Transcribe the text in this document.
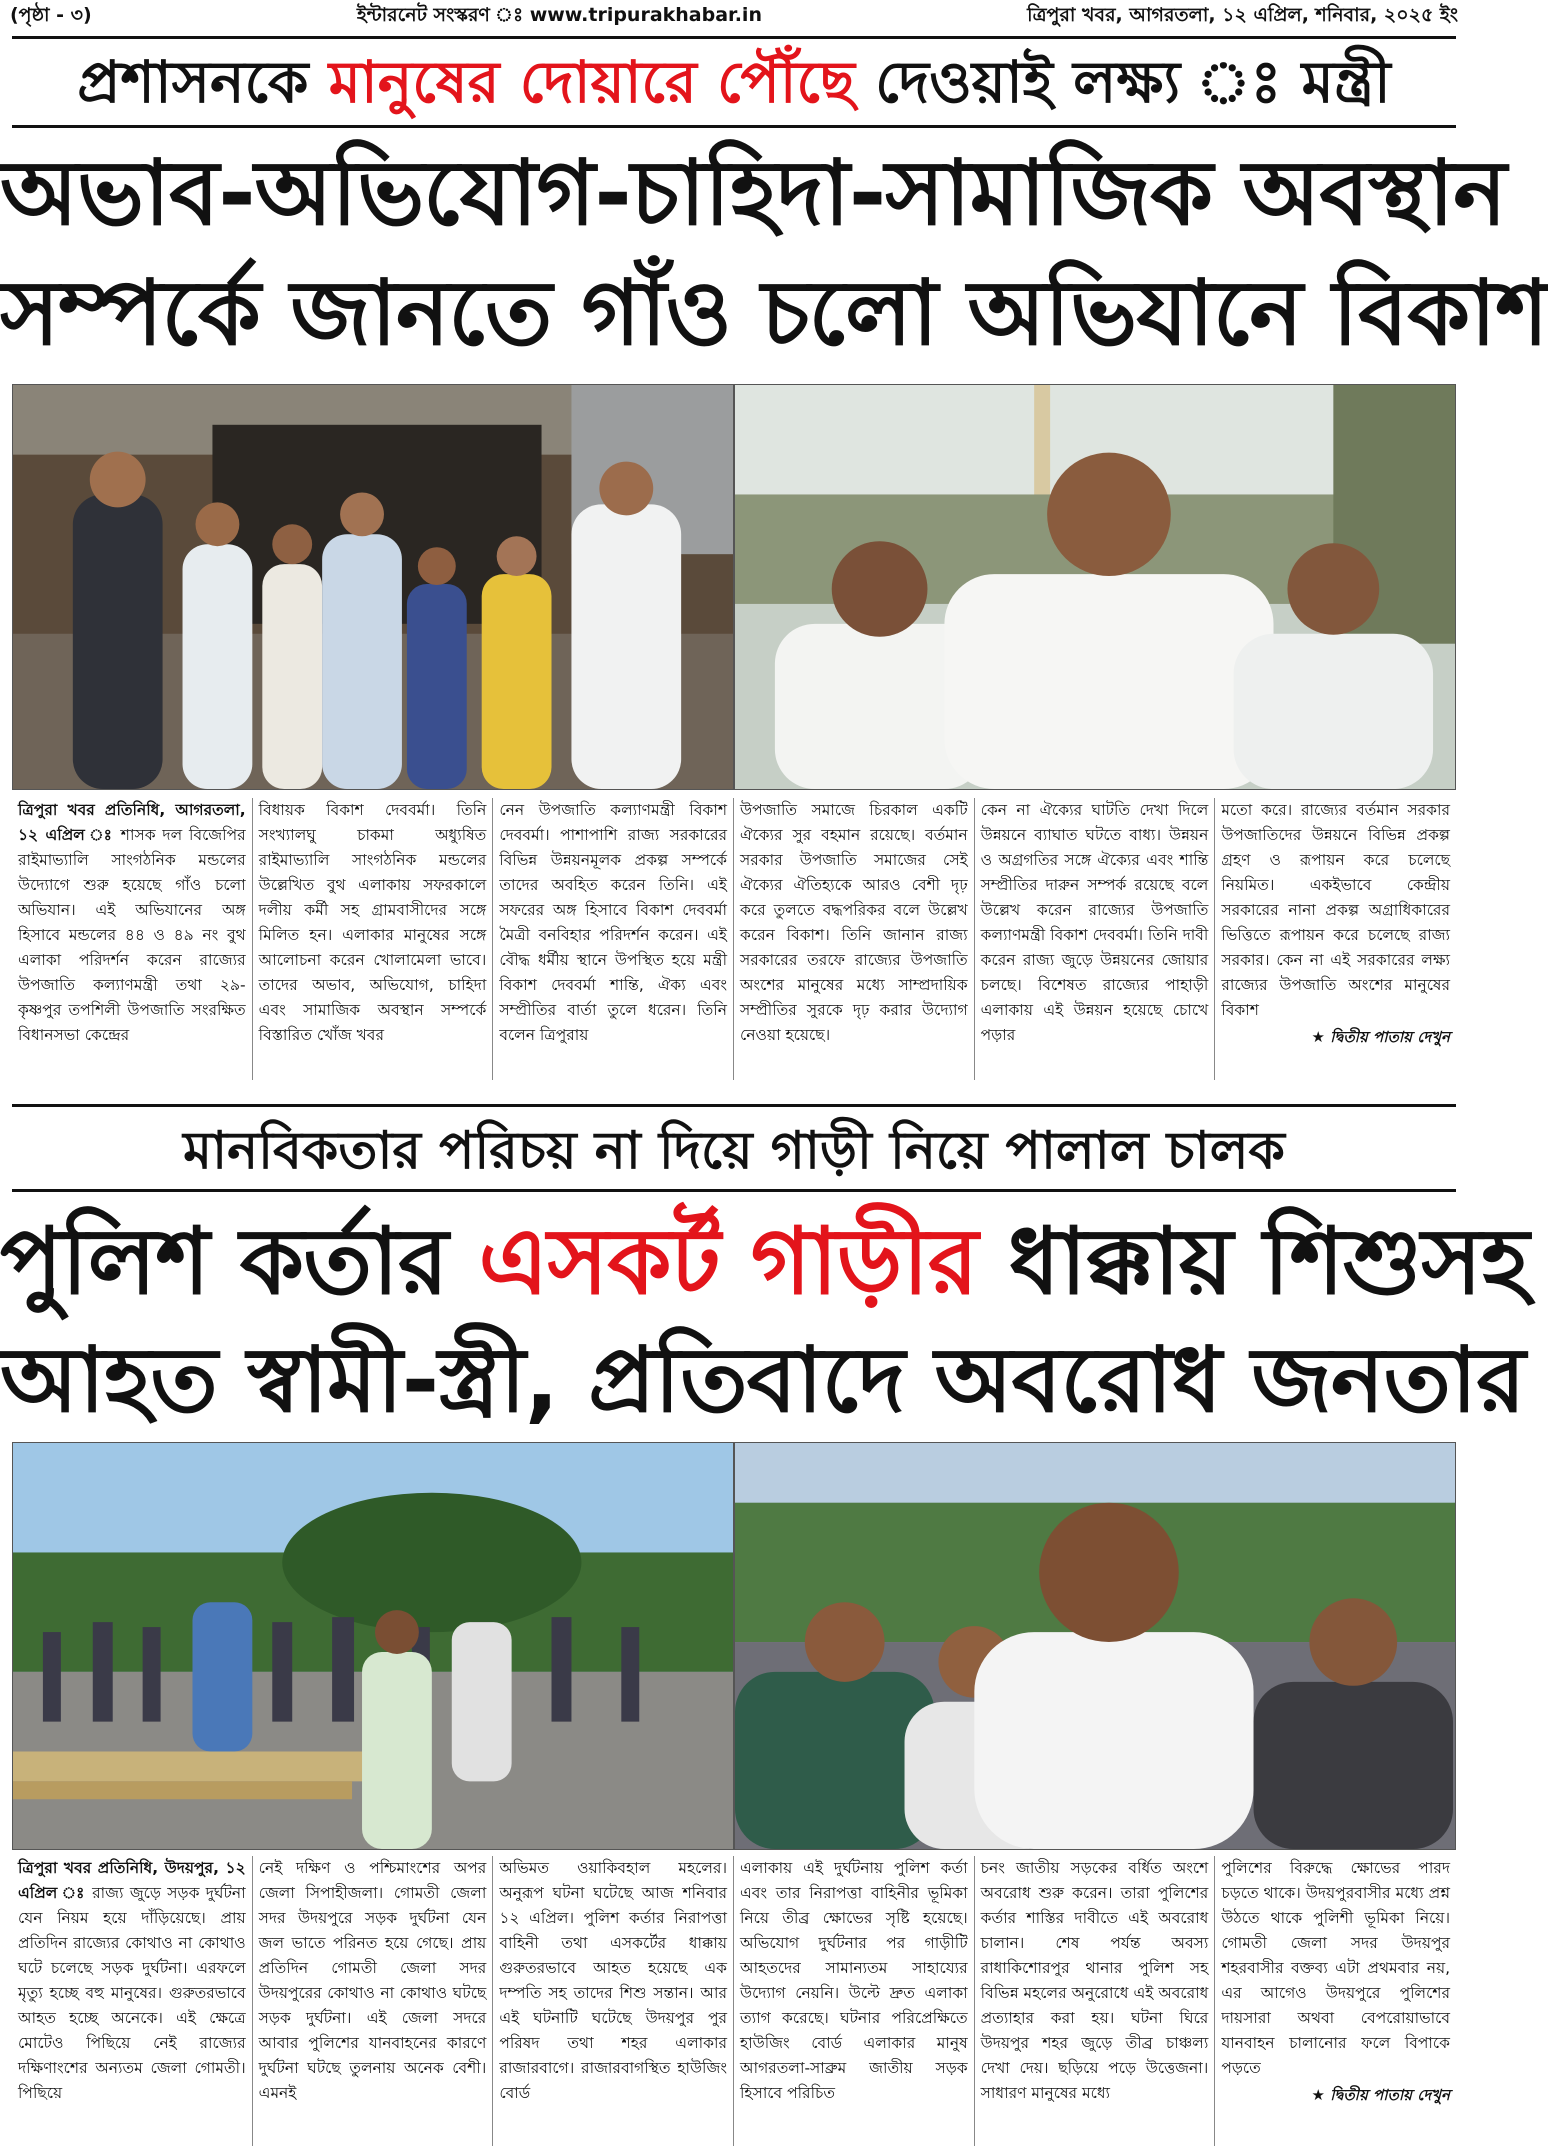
(পৃষ্ঠা - ৩)	ইন্টারনেট সংস্করণ ঃ www.tripurakhabar.in	ত্রিপুরা খবর, আগরতলা, ১২ এপ্রিল, শনিবার, ২০২৫ ইং
প্রশাসনকে মানুষের দোয়ারে পৌঁছে দেওয়াই লক্ষ্য ঃ মন্ত্রী
অভাব-অভিযোগ-চাহিদা-সামাজিক অবস্থান
সম্পর্কে জানতে গাঁও চলো অভিযানে বিকাশ
ত্রিপুরা খবর প্রতিনিধি, আগরতলা, ১২ এপ্রিল ঃ শাসক দল বিজেপির রাইমাভ্যালি সাংগঠনিক মন্ডলের উদ্যোগে শুরু হয়েছে গাঁও চলো অভিযান। এই অভিযানের অঙ্গ হিসাবে মন্ডলের ৪৪ ও ৪৯ নং বুথ এলাকা পরিদর্শন করেন রাজ্যের উপজাতি কল্যাণমন্ত্রী তথা ২৯-কৃষ্ণপুর তপশিলী উপজাতি সংরক্ষিত বিধানসভা কেন্দ্রের
বিধায়ক বিকাশ দেববর্মা। তিনি সংখ্যালঘু চাকমা অধ্যুষিত রাইমাভ্যালি সাংগঠনিক মন্ডলের উল্লেখিত বুথ এলাকায় সফরকালে দলীয় কর্মী সহ গ্রামবাসীদের সঙ্গে মিলিত হন। এলাকার মানুষের সঙ্গে আলোচনা করেন খোলামেলা ভাবে। তাদের অভাব, অভিযোগ, চাহিদা এবং সামাজিক অবস্থান সম্পর্কে বিস্তারিত খোঁজ খবর
নেন উপজাতি কল্যাণমন্ত্রী বিকাশ দেববর্মা। পাশাপাশি রাজ্য সরকারের বিভিন্ন উন্নয়নমূলক প্রকল্প সম্পর্কে তাদের অবহিত করেন তিনি। এই সফরের অঙ্গ হিসাবে বিকাশ দেববর্মা মৈত্রী বনবিহার পরিদর্শন করেন। এই বৌদ্ধ ধর্মীয় স্থানে উপস্থিত হয়ে মন্ত্রী বিকাশ দেববর্মা শান্তি, ঐক্য এবং সম্প্রীতির বার্তা তুলে ধরেন। তিনি বলেন ত্রিপুরায়
উপজাতি সমাজে চিরকাল একটি ঐক্যের সুর বহমান রয়েছে। বর্তমান সরকার উপজাতি সমাজের সেই ঐক্যের ঐতিহ্যকে আরও বেশী দৃঢ় করে তুলতে বদ্ধপরিকর বলে উল্লেখ করেন বিকাশ। তিনি জানান রাজ্য সরকারের তরফে রাজ্যের উপজাতি অংশের মানুষের মধ্যে সাম্প্রদায়িক সম্প্রীতির সুরকে দৃঢ় করার উদ্যোগ নেওয়া হয়েছে।
কেন না ঐক্যের ঘাটতি দেখা দিলে উন্নয়নে ব্যাঘাত ঘটতে বাধ্য। উন্নয়ন ও অগ্রগতির সঙ্গে ঐক্যের এবং শান্তি সম্প্রীতির দারুন সম্পর্ক রয়েছে বলে উল্লেখ করেন রাজ্যের উপজাতি কল্যাণমন্ত্রী বিকাশ দেববর্মা। তিনি দাবী করেন রাজ্য জুড়ে উন্নয়নের জোয়ার চলছে। বিশেষত রাজ্যের পাহাড়ী এলাকায় এই উন্নয়ন হয়েছে চোখে পড়ার
মতো করে। রাজ্যের বর্তমান সরকার উপজাতিদের উন্নয়নে বিভিন্ন প্রকল্প গ্রহণ ও রূপায়ন করে চলেছে নিয়মিত। একইভাবে কেন্দ্রীয় সরকারের নানা প্রকল্প অগ্রাধিকারের ভিত্তিতে রূপায়ন করে চলেছে রাজ্য সরকার। কেন না এই সরকারের লক্ষ্য রাজ্যের উপজাতি অংশের মানুষের বিকাশ
★ দ্বিতীয় পাতায় দেখুন
মানবিকতার পরিচয় না দিয়ে গাড়ী নিয়ে পালাল চালক
পুলিশ কর্তার এসকর্ট গাড়ীর ধাক্কায় শিশুসহ
আহত স্বামী-স্ত্রী, প্রতিবাদে অবরোধ জনতার
ত্রিপুরা খবর প্রতিনিধি, উদয়পুর, ১২ এপ্রিল ঃ রাজ্য জুড়ে সড়ক দুর্ঘটনা যেন নিয়ম হয়ে দাঁড়িয়েছে। প্রায় প্রতিদিন রাজ্যের কোথাও না কোথাও ঘটে চলেছে সড়ক দুর্ঘটনা। এরফলে মৃত্যু হচ্ছে বহু মানুষের। গুরুতরভাবে আহত হচ্ছে অনেকে। এই ক্ষেত্রে মোটেও পিছিয়ে নেই রাজ্যের দক্ষিণাংশের অন্যতম জেলা গোমতী। পিছিয়ে
নেই দক্ষিণ ও পশ্চিমাংশের অপর জেলা সিপাহীজলা। গোমতী জেলা সদর উদয়পুরে সড়ক দুর্ঘটনা যেন জল ভাতে পরিনত হয়ে গেছে। প্রায় প্রতিদিন গোমতী জেলা সদর উদয়পুরের কোথাও না কোথাও ঘটছে সড়ক দুর্ঘটনা। এই জেলা সদরে আবার পুলিশের যানবাহনের কারণে দুর্ঘটনা ঘটছে তুলনায় অনেক বেশী। এমনই
অভিমত ওয়াকিবহাল মহলের। অনুরূপ ঘটনা ঘটেছে আজ শনিবার ১২ এপ্রিল। পুলিশ কর্তার নিরাপত্তা বাহিনী তথা এসকর্টের ধাক্কায় গুরুতরভাবে আহত হয়েছে এক দম্পতি সহ তাদের শিশু সন্তান। আর এই ঘটনাটি ঘটেছে উদয়পুর পুর পরিষদ তথা শহর এলাকার রাজারবাগে। রাজারবাগস্থিত হাউজিং বোর্ড
এলাকায় এই দুর্ঘটনায় পুলিশ কর্তা এবং তার নিরাপত্তা বাহিনীর ভূমিকা নিয়ে তীব্র ক্ষোভের সৃষ্টি হয়েছে। অভিযোগ দুর্ঘটনার পর গাড়ীটি আহতদের সামান্যতম সাহায্যের উদ্যোগ নেয়নি। উল্টে দ্রুত এলাকা ত্যাগ করেছে। ঘটনার পরিপ্রেক্ষিতে হাউজিং বোর্ড এলাকার মানুষ আগরতলা-সাব্রুম জাতীয় সড়ক হিসাবে পরিচিত
চনং জাতীয় সড়কের বর্ধিত অংশে অবরোধ শুরু করেন। তারা পুলিশের কর্তার শাস্তির দাবীতে এই অবরোধ চালান। শেষ পর্যন্ত অবস্য রাধাকিশোরপুর থানার পুলিশ সহ বিভিন্ন মহলের অনুরোধে এই অবরোধ প্রত্যাহার করা হয়। ঘটনা ঘিরে উদয়পুর শহর জুড়ে তীব্র চাঞ্চল্য দেখা দেয়। ছড়িয়ে পড়ে উত্তেজনা। সাধারণ মানুষের মধ্যে
পুলিশের বিরুদ্ধে ক্ষোভের পারদ চড়তে থাকে। উদয়পুরবাসীর মধ্যে প্রশ্ন উঠতে থাকে পুলিশী ভূমিকা নিয়ে। গোমতী জেলা সদর উদয়পুর শহরবাসীর বক্তব্য এটা প্রথমবার নয়, এর আগেও উদয়পুরে পুলিশের দায়সারা অথবা বেপরোয়াভাবে যানবাহন চালানোর ফলে বিপাকে পড়তে
★ দ্বিতীয় পাতায় দেখুন
